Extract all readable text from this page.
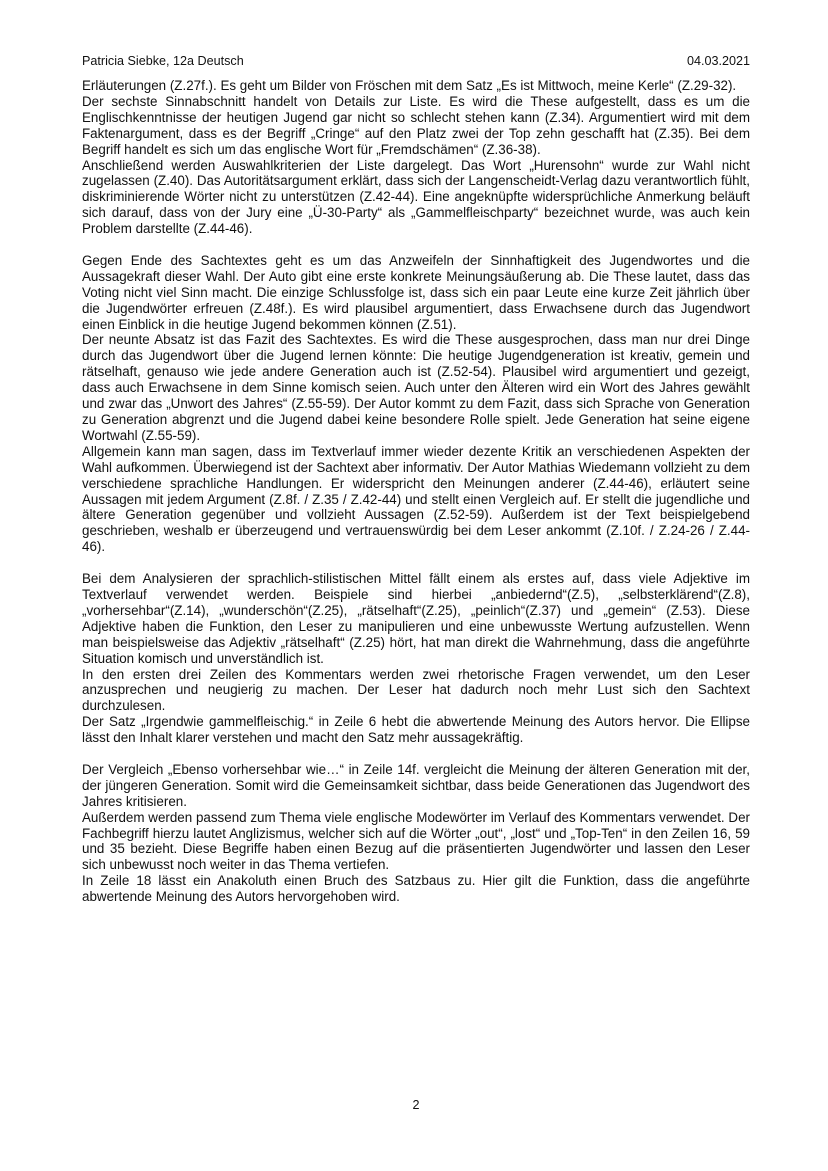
Patricia Siebke, 12a Deutsch	04.03.2021

Erläuterungen (Z.27f.). Es geht um Bilder von Fröschen mit dem Satz „Es ist Mittwoch, meine Kerle“ (Z.29-32).

Der sechste Sinnabschnitt handelt von Details zur Liste. Es wird die These aufgestellt, dass es um die Englischkenntnisse der heutigen Jugend gar nicht so schlecht stehen kann (Z.34). Argumentiert wird mit dem Faktenargument, dass es der Begriff „Cringe“ auf den Platz zwei der Top zehn geschafft hat (Z.35). Bei dem Begriff handelt es sich um das englische Wort für „Fremdschämen“ (Z.36-38).

Anschließend werden Auswahlkriterien der Liste dargelegt. Das Wort „Hurensohn“ wurde zur Wahl nicht zugelassen (Z.40). Das Autoritätsargument erklärt, dass sich der Langenscheidt-Verlag dazu verantwortlich fühlt, diskriminierende Wörter nicht zu unterstützen (Z.42-44). Eine angeknüpfte widersprüchliche Anmerkung beläuft sich darauf, dass von der Jury eine „Ü-30-Party“ als „Gammelfleischparty“ bezeichnet wurde, was auch kein Problem darstellte (Z.44-46).

Gegen Ende des Sachtextes geht es um das Anzweifeln der Sinnhaftigkeit des Jugendwortes und die Aussagekraft dieser Wahl. Der Auto gibt eine erste konkrete Meinungsäußerung ab. Die These lautet, dass das Voting nicht viel Sinn macht. Die einzige Schlussfolge ist, dass sich ein paar Leute eine kurze Zeit jährlich über die Jugendwörter erfreuen (Z.48f.). Es wird plausibel argumentiert, dass Erwachsene durch das Jugendwort einen Einblick in die heutige Jugend bekommen können (Z.51).

Der neunte Absatz ist das Fazit des Sachtextes. Es wird die These ausgesprochen, dass man nur drei Dinge durch das Jugendwort über die Jugend lernen könnte: Die heutige Jugendgeneration ist kreativ, gemein und rätselhaft, genauso wie jede andere Generation auch ist (Z.52-54). Plausibel wird argumentiert und gezeigt, dass auch Erwachsene in dem Sinne komisch seien. Auch unter den Älteren wird ein Wort des Jahres gewählt und zwar das „Unwort des Jahres“ (Z.55-59). Der Autor kommt zu dem Fazit, dass sich Sprache von Generation zu Generation abgrenzt und die Jugend dabei keine besondere Rolle spielt. Jede Generation hat seine eigene Wortwahl (Z.55-59).

Allgemein kann man sagen, dass im Textverlauf immer wieder dezente Kritik an verschiedenen Aspekten der Wahl aufkommen. Überwiegend ist der Sachtext aber informativ. Der Autor Mathias Wiedemann vollzieht zu dem verschiedene sprachliche Handlungen. Er widerspricht den Meinungen anderer (Z.44-46), erläutert seine Aussagen mit jedem Argument (Z.8f. / Z.35 / Z.42-44) und stellt einen Vergleich auf. Er stellt die jugendliche und ältere Generation gegenüber und vollzieht Aussagen (Z.52-59). Außerdem ist der Text beispielgebend geschrieben, weshalb er überzeugend und vertrauenswürdig bei dem Leser ankommt (Z.10f. / Z.24-26 / Z.44-46).

Bei dem Analysieren der sprachlich-stilistischen Mittel fällt einem als erstes auf, dass viele Adjektive im Textverlauf verwendet werden. Beispiele sind hierbei „anbiedernd“(Z.5), „selbsterklärend“(Z.8), „vorhersehbar“(Z.14), „wunderschön“(Z.25), „rätselhaft“(Z.25), „peinlich“(Z.37) und „gemein“ (Z.53). Diese Adjektive haben die Funktion, den Leser zu manipulieren und eine unbewusste Wertung aufzustellen. Wenn man beispielsweise das Adjektiv „rätselhaft“ (Z.25) hört, hat man direkt die Wahrnehmung, dass die angeführte Situation komisch und unverständlich ist.

In den ersten drei Zeilen des Kommentars werden zwei rhetorische Fragen verwendet, um den Leser anzusprechen und neugierig zu machen. Der Leser hat dadurch noch mehr Lust sich den Sachtext durchzulesen.

Der Satz „Irgendwie gammelfleischig.“ in Zeile 6 hebt die abwertende Meinung des Autors hervor. Die Ellipse lässt den Inhalt klarer verstehen und macht den Satz mehr aussagekräftig.

Der Vergleich „Ebenso vorhersehbar wie…“ in Zeile 14f. vergleicht die Meinung der älteren Generation mit der, der jüngeren Generation. Somit wird die Gemeinsamkeit sichtbar, dass beide Generationen das Jugendwort des Jahres kritisieren.

Außerdem werden passend zum Thema viele englische Modewörter im Verlauf des Kommentars verwendet. Der Fachbegriff hierzu lautet Anglizismus, welcher sich auf die Wörter „out“, „lost“ und „Top-Ten“ in den Zeilen 16, 59 und 35 bezieht. Diese Begriffe haben einen Bezug auf die präsentierten Jugendwörter und lassen den Leser sich unbewusst noch weiter in das Thema vertiefen.

In Zeile 18 lässt ein Anakoluth einen Bruch des Satzbaus zu. Hier gilt die Funktion, dass die angeführte abwertende Meinung des Autors hervorgehoben wird.

2
